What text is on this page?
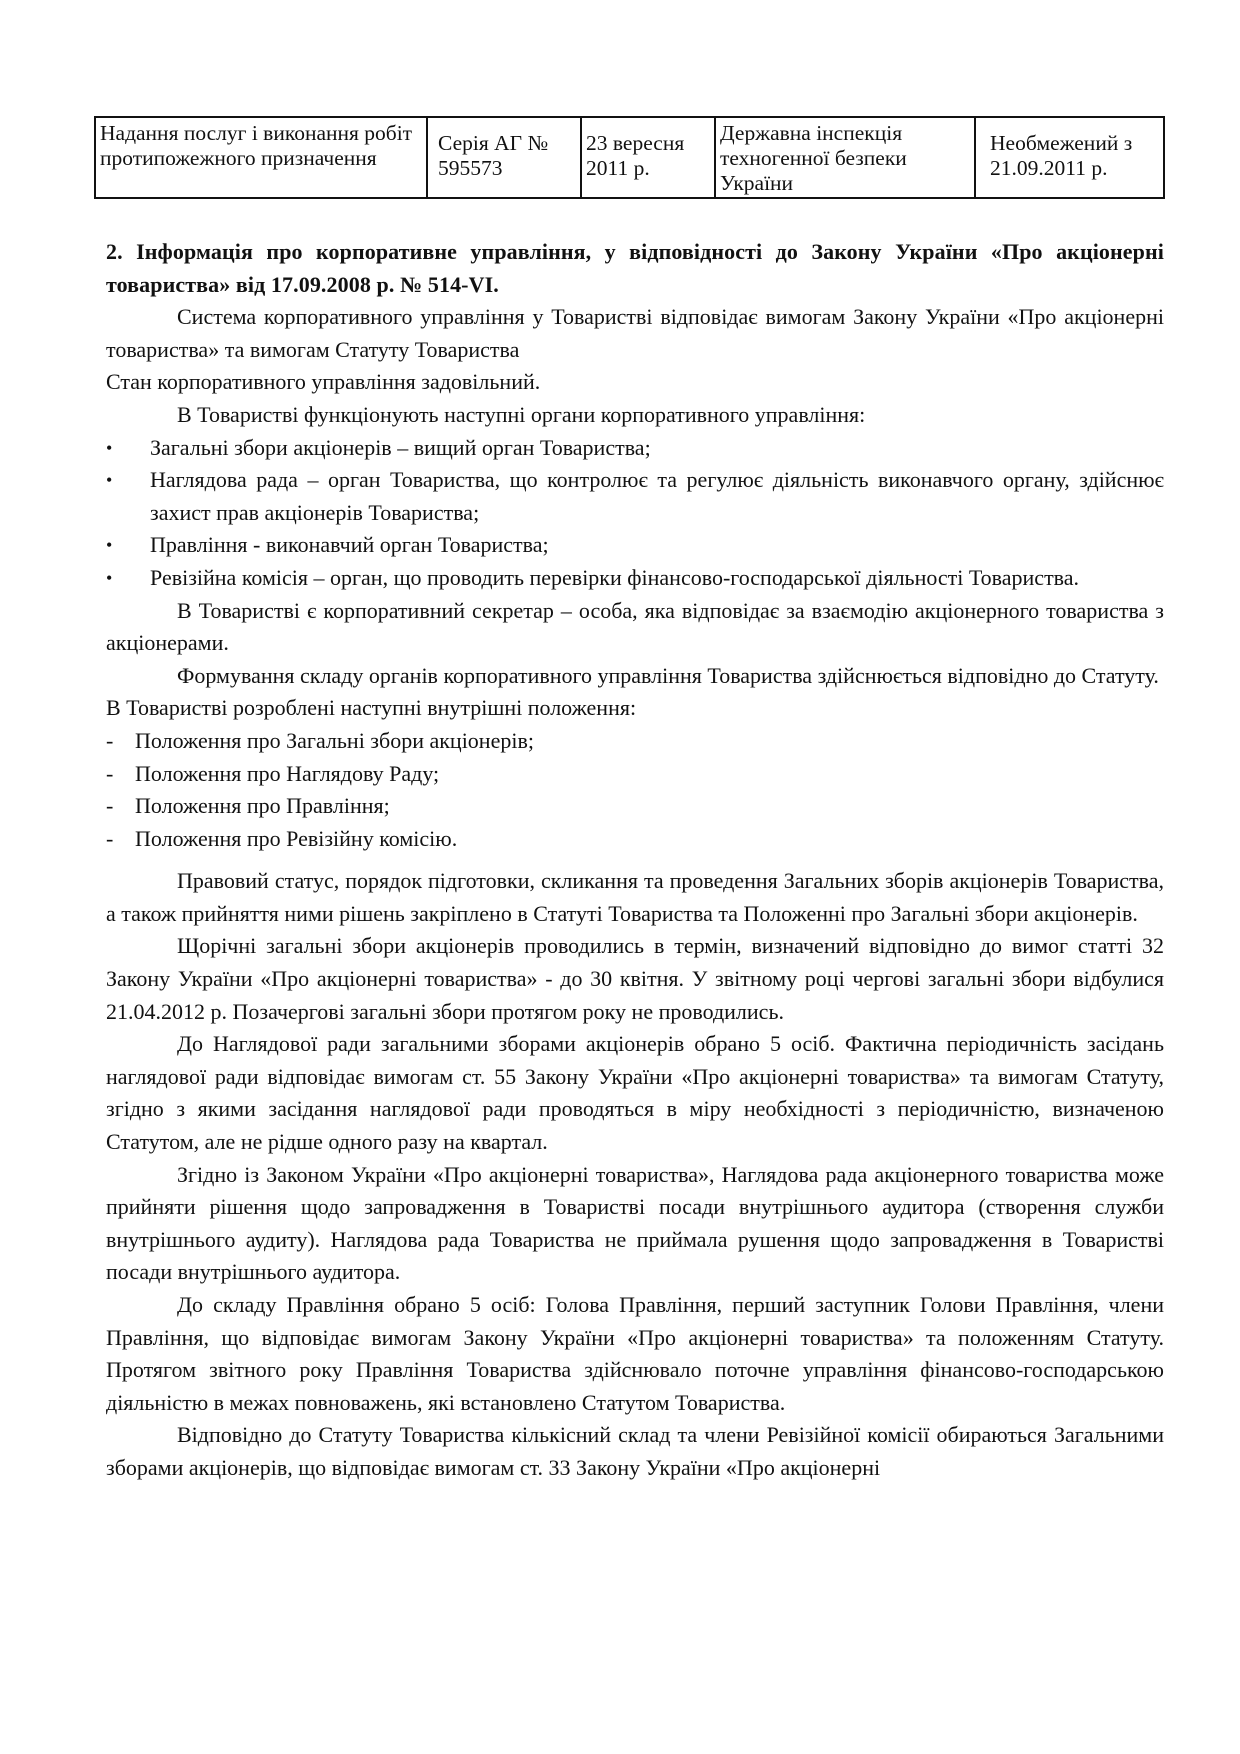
Надання послуг і виконання робіт протипожежного призначення	Серія АГ № 595573	23 вересня 2011 р.	Державна інспекція техногенної безпеки України	Необмежений з 21.09.2011 р.

2. Інформація про корпоративне управління, у відповідності до Закону України «Про акціонерні товариства» від 17.09.2008 р. № 514-VI.

Система корпоративного управління у Товаристві відповідає вимогам Закону України «Про акціонерні товариства» та вимогам Статуту Товариства

Стан корпоративного управління задовільний.

В Товаристві функціонують наступні органи корпоративного управління:

•	Загальні збори акціонерів – вищий орган Товариства;
•	Наглядова рада – орган Товариства, що контролює та регулює діяльність виконавчого органу, здійснює захист прав акціонерів Товариства;
•	Правління - виконавчий орган Товариства;
•	Ревізійна комісія – орган, що проводить перевірки фінансово-господарської діяльності Товариства.

В Товаристві є корпоративний секретар – особа, яка відповідає за взаємодію акціонерного товариства з акціонерами.

Формування складу органів корпоративного управління Товариства здійснюється відповідно до Статуту.

В Товаристві розроблені наступні внутрішні положення:

- Положення про Загальні збори акціонерів;
- Положення про Наглядову Раду;
- Положення про Правління;
- Положення про Ревізійну комісію.

Правовий статус, порядок підготовки, скликання та проведення Загальних зборів акціонерів Товариства, а також прийняття ними рішень закріплено в Статуті Товариства та Положенні про Загальні збори акціонерів.

Щорічні загальні збори акціонерів проводились в термін, визначений відповідно до вимог статті 32 Закону України «Про акціонерні товариства» - до 30 квітня. У звітному році чергові загальні збори відбулися 21.04.2012 р. Позачергові загальні збори протягом року не проводились.

До Наглядової ради загальними зборами акціонерів обрано 5 осіб. Фактична періодичність засідань наглядової ради відповідає вимогам ст. 55 Закону України «Про акціонерні товариства» та вимогам Статуту, згідно з якими засідання наглядової ради проводяться в міру необхідності з періодичністю, визначеною Статутом, але не рідше одного разу на квартал.

Згідно із Законом України «Про акціонерні товариства», Наглядова рада акціонерного товариства може прийняти рішення щодо запровадження в Товаристві посади внутрішнього аудитора (створення служби внутрішнього аудиту). Наглядова рада Товариства не приймала рушення щодо запровадження в Товаристві посади внутрішнього аудитора.

До складу Правління обрано 5 осіб: Голова Правління, перший заступник Голови Правління, члени Правління, що відповідає вимогам Закону України «Про акціонерні товариства» та положенням Статуту. Протягом звітного року Правління Товариства здійснювало поточне управління фінансово-господарською діяльністю в межах повноважень, які встановлено Статутом Товариства.

Відповідно до Статуту Товариства кількісний склад та члени Ревізійної комісії обираються Загальними зборами акціонерів, що відповідає вимогам ст. 33 Закону України «Про акціонерні
